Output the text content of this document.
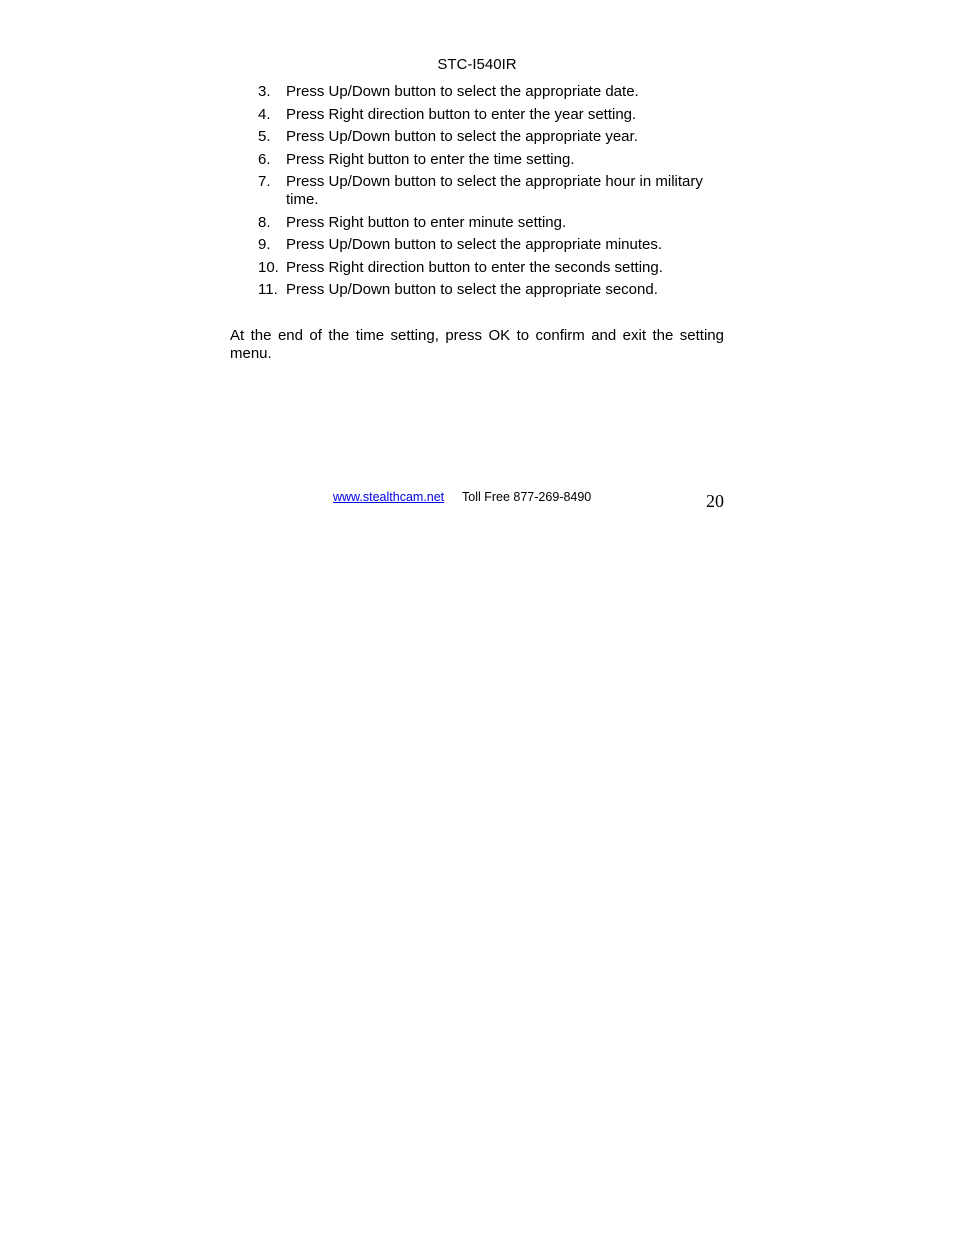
STC-I540IR
3.	Press Up/Down button to select the appropriate date.
4.	Press Right direction button to enter the year setting.
5.	Press Up/Down button to select the appropriate year.
6.	Press Right button to enter the time setting.
7.	Press Up/Down button to select the appropriate hour in military time.
8.	Press Right button to enter minute setting.
9.	Press Up/Down button to select the appropriate minutes.
10. Press Right direction button to enter the seconds setting.
11. Press Up/Down button to select the appropriate second.

At the end of the time setting, press OK to confirm and exit the setting menu.

www.stealthcam.net Toll Free 877-269-8490	20
